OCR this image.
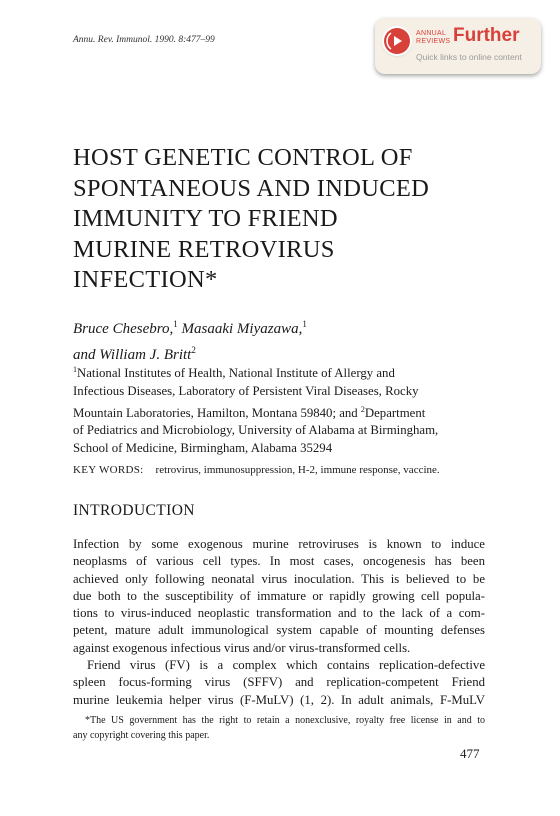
Annu. Rev. Immunol. 1990. 8:477–99
ANNUAL
REVIEWS Further
Quick links to online content
HOST GENETIC CONTROL OF
SPONTANEOUS AND INDUCED
IMMUNITY TO FRIEND
MURINE RETROVIRUS
INFECTION*
Bruce Chesebro,$^1$ Masaaki Miyazawa,$^1$
and William J. Britt$^2$
$^1$National Institutes of Health, National Institute of Allergy and
Infectious Diseases, Laboratory of Persistent Viral Diseases, Rocky
Mountain Laboratories, Hamilton, Montana 59840; and $^2$Department
of Pediatrics and Microbiology, University of Alabama at Birmingham,
School of Medicine, Birmingham, Alabama 35294
KEY WORDS: retrovirus, immunosuppression, H-2, immune response, vaccine.
INTRODUCTION
Infection by some exogenous murine retroviruses is known to induce
neoplasms of various cell types. In most cases, oncogenesis has been
achieved only following neonatal virus inoculation. This is believed to be
due both to the susceptibility of immature or rapidly growing cell popula-
tions to virus-induced neoplastic transformation and to the lack of a com-
petent, mature adult immunological system capable of mounting defenses
against exogenous infectious virus and/or virus-transformed cells.
Friend virus (FV) is a complex which contains replication-defective
spleen focus-forming virus (SFFV) and replication-competent Friend
murine leukemia helper virus (F-MuLV) (1, 2). In adult animals, F-MuLV
*The US government has the right to retain a nonexclusive, royalty free license in and to
any copyright covering this paper.
477
